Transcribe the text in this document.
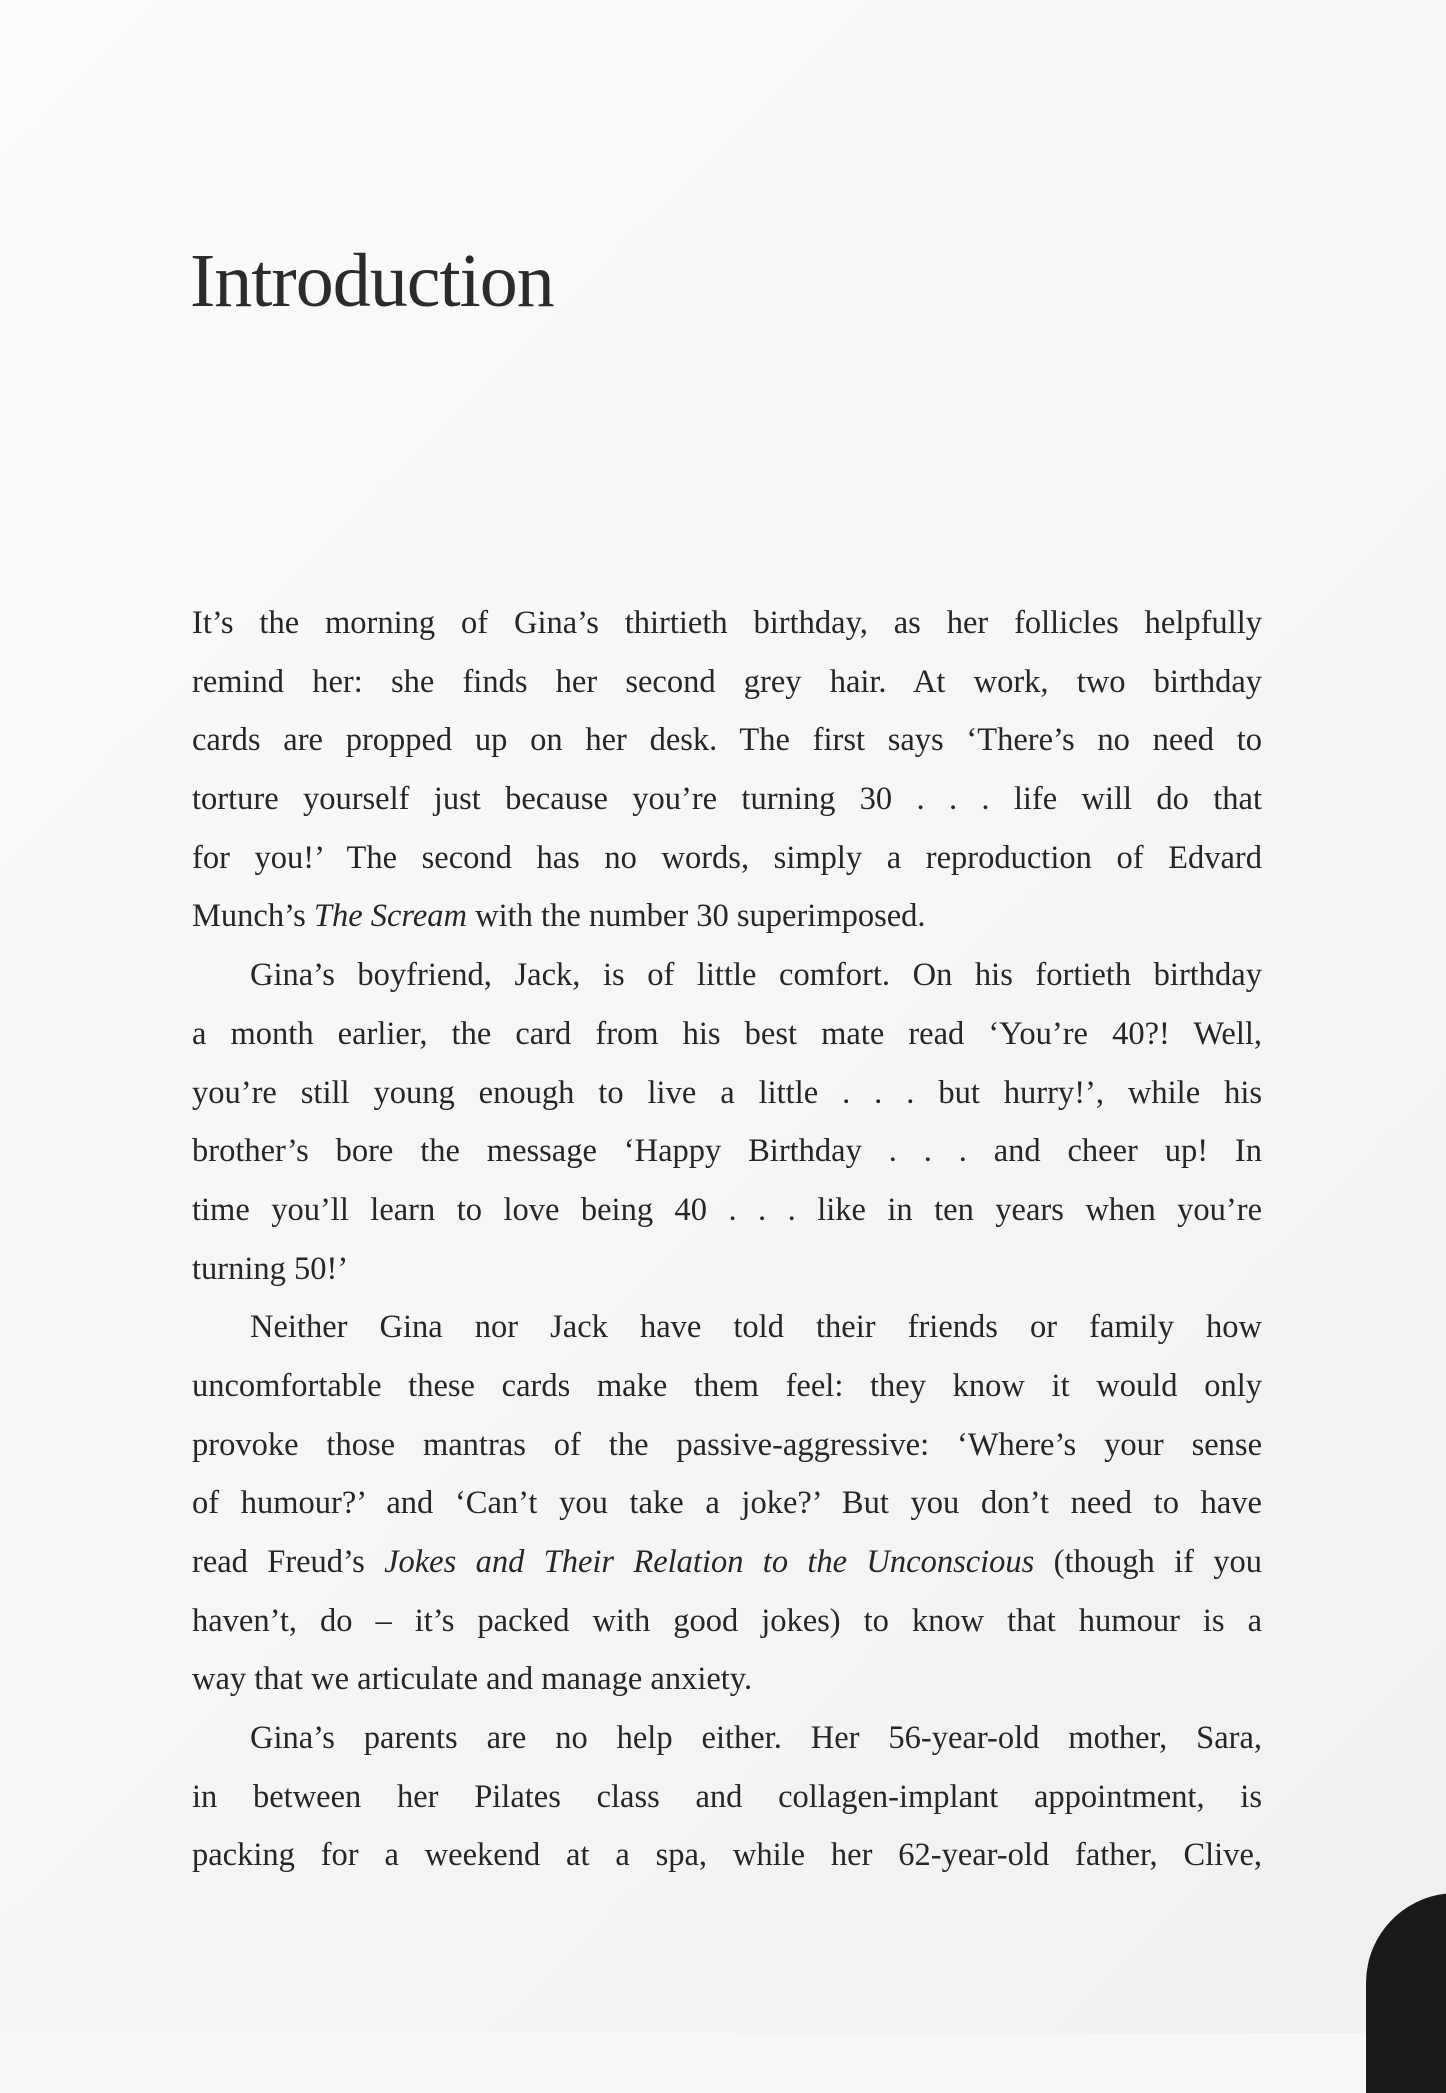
Introduction
It’s the morning of Gina’s thirtieth birthday, as her follicles helpfully
remind her: she finds her second grey hair. At work, two birthday
cards are propped up on her desk. The first says ‘There’s no need to
torture yourself just because you’re turning 30 . . . life will do that
for you!’ The second has no words, simply a reproduction of Edvard
Munch’s The Scream with the number 30 superimposed.
Gina’s boyfriend, Jack, is of little comfort. On his fortieth birthday
a month earlier, the card from his best mate read ‘You’re 40?! Well,
you’re still young enough to live a little . . . but hurry!’, while his
brother’s bore the message ‘Happy Birthday . . . and cheer up! In
time you’ll learn to love being 40 . . . like in ten years when you’re
turning 50!’
Neither Gina nor Jack have told their friends or family how
uncomfortable these cards make them feel: they know it would only
provoke those mantras of the passive-aggressive: ‘Where’s your sense
of humour?’ and ‘Can’t you take a joke?’ But you don’t need to have
read Freud’s Jokes and Their Relation to the Unconscious (though if you
haven’t, do – it’s packed with good jokes) to know that humour is a
way that we articulate and manage anxiety.
Gina’s parents are no help either. Her 56-year-old mother, Sara,
in between her Pilates class and collagen-implant appointment, is
packing for a weekend at a spa, while her 62-year-old father, Clive,
